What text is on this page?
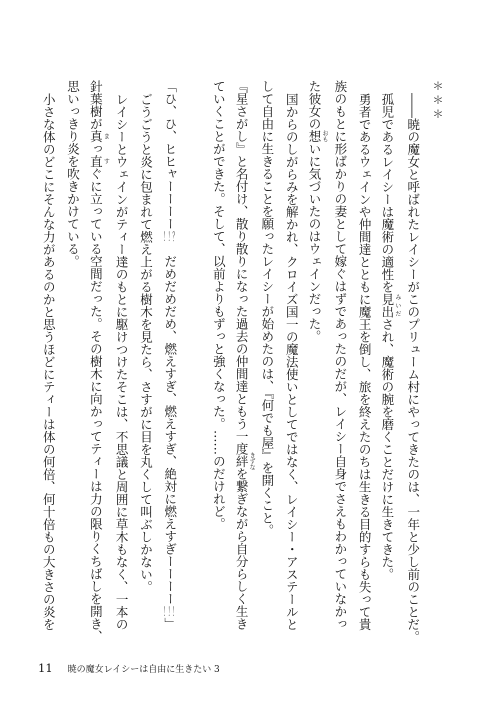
＊＊＊

――暁の魔女と呼ばれたレイシーがこのプリューム村にやってきたのは、一年と少し前のことだ。

孤児であるレイシーは魔術の適性を見出 みいだされ、魔術の腕を磨くことだけに生きてきた。

勇者であるウェインや仲間達とともに魔王を倒し、旅を終えたのちは生きる目的すらも失って貴

族のもとに形ばかりの妻として嫁ぐはずであったのだが、レイシー自身でさえもわかっていなかっ

た彼女の想 おもいに気づいたのはウェインだった。

国からのしがらみを解かれ、クロイズ国一の魔法使いとしてではなく、レイシー・アステールと

して自由に生きることを願ったレイシーが始めたのは、『何でも屋』を開くこと。

『星さがし』と名付け、散り散りになった過去の仲間達ともう一度絆 きずなを繋ぎながら自分らしく生き

ていくことができた。そして、以前よりもずっと強くなった。……のだけれど。

「ひ、ひ、ヒヒャーーーー！！？　だめだめだめ、燃えすぎ、燃えすぎ、絶対に燃えすぎーーーー！！！」

ごうごうと炎に包まれて燃え上がる樹木を見たら、さすがに目を丸くして叫ぶしかない。

レイシーとウェインがティー達のもとに駆けつけたそこは、不思議と周囲に草木もなく、一本の

針葉樹が真 まっ直 すぐに立っている空間だった。その樹木に向かってティーは力の限りくちばしを開き、

思いっきり炎を吹きかけている。

小さな体のどこにそんな力があるのかと思うほどにティーは体の何倍、何十倍もの大きさの炎を

11 暁の魔女レイシーは自由に生きたい 3
